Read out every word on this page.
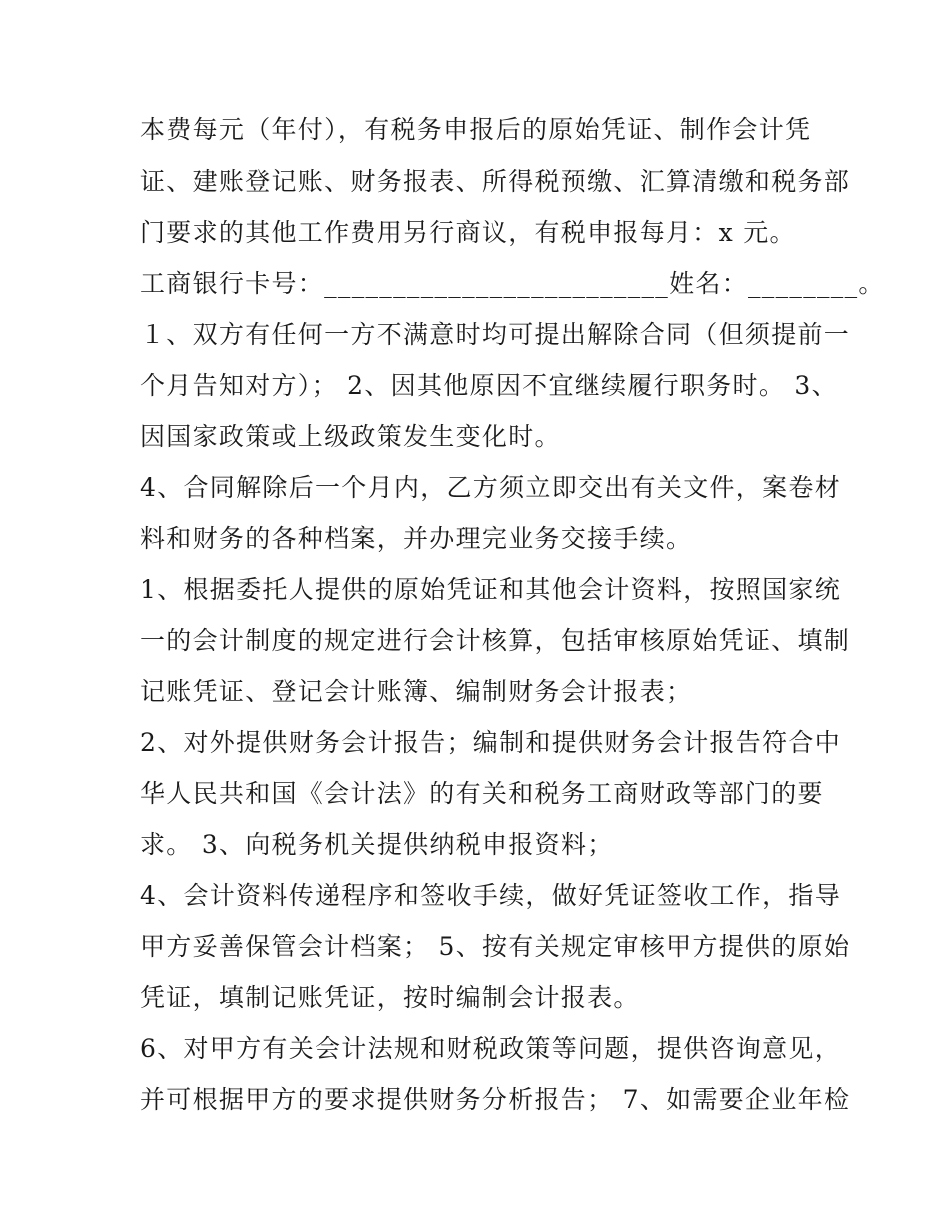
本费每元（年付），有税务申报后的原始凭证、制作会计凭
证、建账登记账、财务报表、所得税预缴、汇算清缴和税务部
门要求的其他工作费用另行商议，有税申报每月：x 元。
工商银行卡号：_________________________姓名：________。
１、双方有任何一方不满意时均可提出解除合同（但须提前一
个月告知对方）； 2、因其他原因不宜继续履行职务时。 3、
因国家政策或上级政策发生变化时。
4、合同解除后一个月内，乙方须立即交出有关文件，案卷材
料和财务的各种档案，并办理完业务交接手续。
1、根据委托人提供的原始凭证和其他会计资料，按照国家统
一的会计制度的规定进行会计核算，包括审核原始凭证、填制
记账凭证、登记会计账簿、编制财务会计报表；
2、对外提供财务会计报告；编制和提供财务会计报告符合中
华人民共和国《会计法》的有关和税务工商财政等部门的要
求。 3、向税务机关提供纳税申报资料；
4、会计资料传递程序和签收手续，做好凭证签收工作，指导
甲方妥善保管会计档案； 5、按有关规定审核甲方提供的原始
凭证，填制记账凭证，按时编制会计报表。
6、对甲方有关会计法规和财税政策等问题，提供咨询意见，
并可根据甲方的要求提供财务分析报告； 7、如需要企业年检
